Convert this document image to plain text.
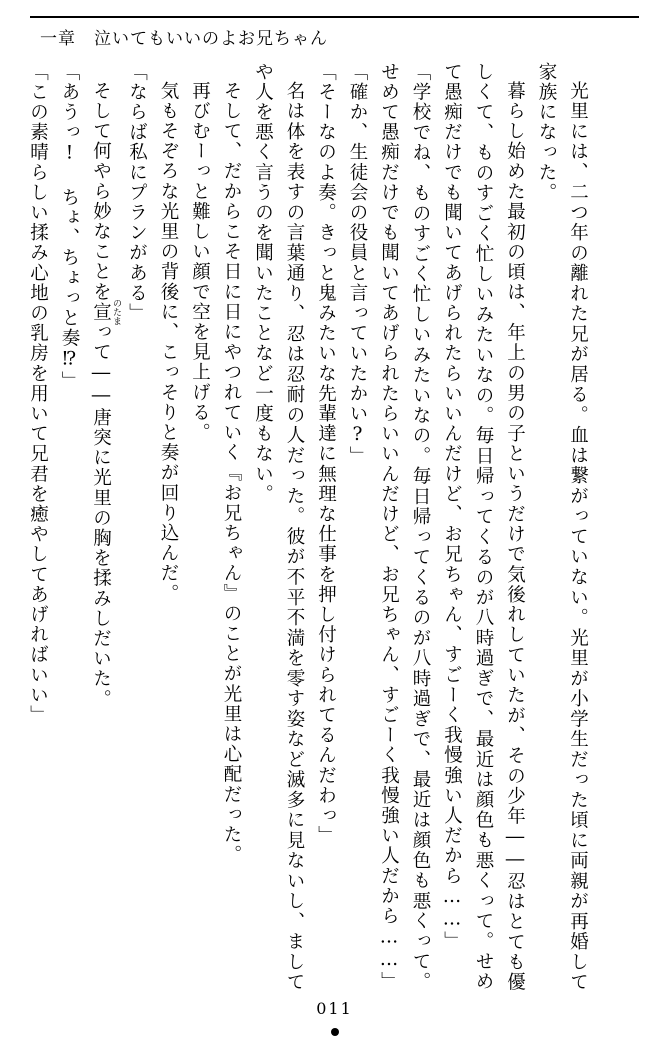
一章 泣いてもいいのよお兄ちゃん

光里には、二つ年の離れた兄が居る。血は繋がっていない。光里が小学生だった頃に両親が再婚して家族になった。

暮らし始めた最初の頃は、年上の男の子というだけで気後れしていたが、その少年――忍はとても優しくて、ものすごく忙しいみたいなの。毎日帰ってくるのが八時過ぎで、最近は顔色も悪くって。せめて愚痴だけでも聞いてあげられたらいいんだけど、お兄ちゃん、すごーく我慢強い人だから……」

「学校でね、ものすごく忙しいみたいなの。毎日帰ってくるのが八時過ぎで、最近は顔色も悪くって。せめて愚痴だけでも聞いてあげられたらいいんだけど、お兄ちゃん、すごーく我慢強い人だから……」

「確か、生徒会の役員と言っていたかい?」

「そーなのよ奏。きっと鬼みたいな先輩達に無理な仕事を押し付けられてるんだわっ」

名は体を表すの言葉通り、忍は忍耐の人だった。彼が不平不満を零す姿など滅多に見ないし、ましてや人を悪く言うのを聞いたことなど一度もない。

そして、だからこそ日に日にやつれていく『お兄ちゃん』のことが光里は心配だった。

再びむーっと難しい顔で空を見上げる。

気もそぞろな光里の背後に、こっそりと奏が回り込んだ。

「ならば私にプランがある」

そして何やら妙なことを宣 のたまって――唐突に光里の胸を揉みしだいた。

「あうっ! ちょ、ちょっと奏⁉」

「この素晴らしい揉み心地の乳房を用いて兄君を癒やしてあげればいい」

011
